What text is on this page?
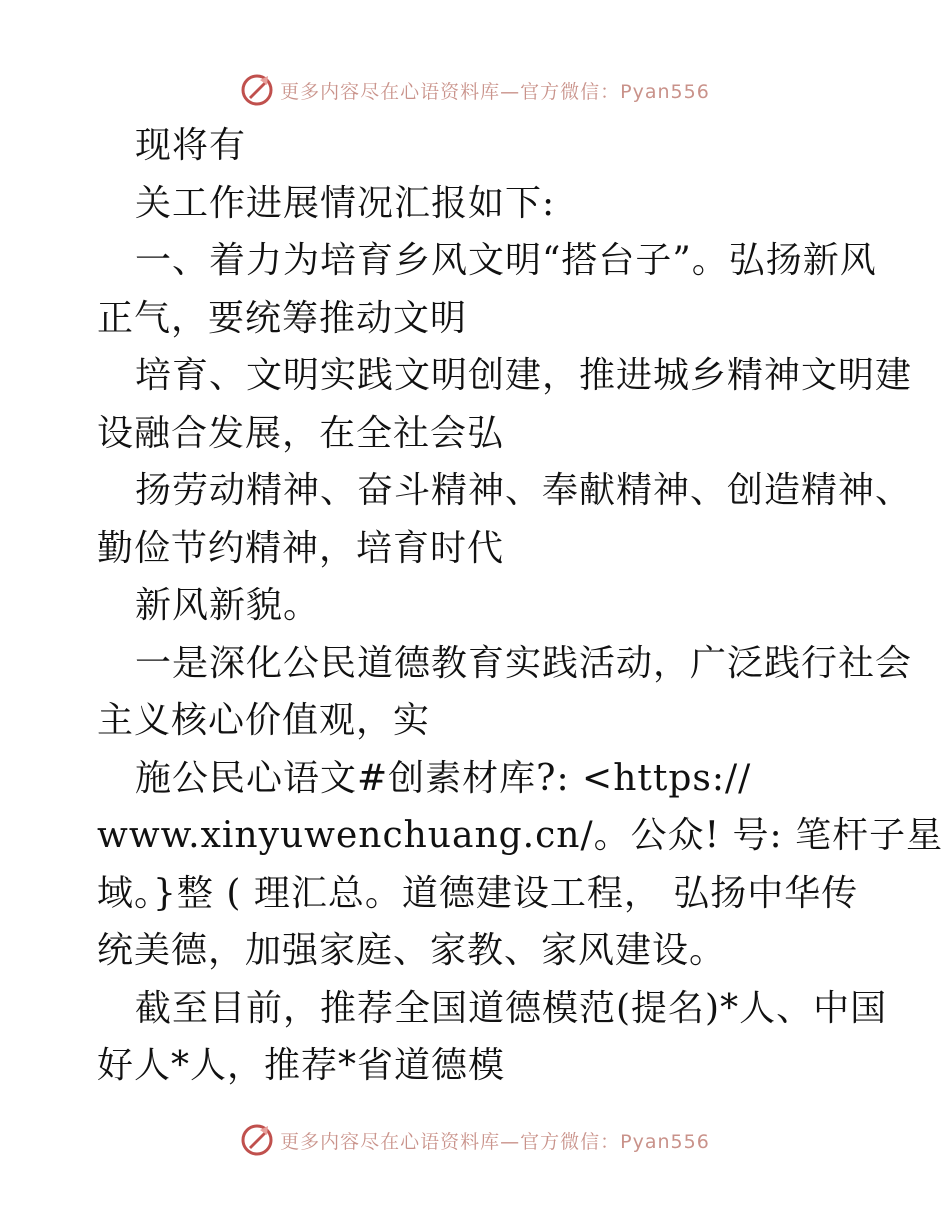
更多内容尽在心语资料库—官方微信：Pyan556
现将有
关工作进展情况汇报如下:
一、着力为培育乡风文明“搭台子”。弘扬新风
正气，要统筹推动文明
培育、文明实践文明创建，推进城乡精神文明建
设融合发展，在全社会弘
扬劳动精神、奋斗精神、奉献精神、创造精神、
勤俭节约精神，培育时代
新风新貌。
一是深化公民道德教育实践活动，广泛践行社会
主义核心价值观，实
施公民心语文#创素材库?: <https://
www.xinyuwenchuang.cn/。公众! 号: 笔杆子星
域。}整 ( 理汇总。道德建设工程， 弘扬中华传
统美德，加强家庭、家教、家风建设。
截至目前，推荐全国道德模范(提名)*人、中国
好人*人，推荐*省道德模
更多内容尽在心语资料库—官方微信：Pyan556
